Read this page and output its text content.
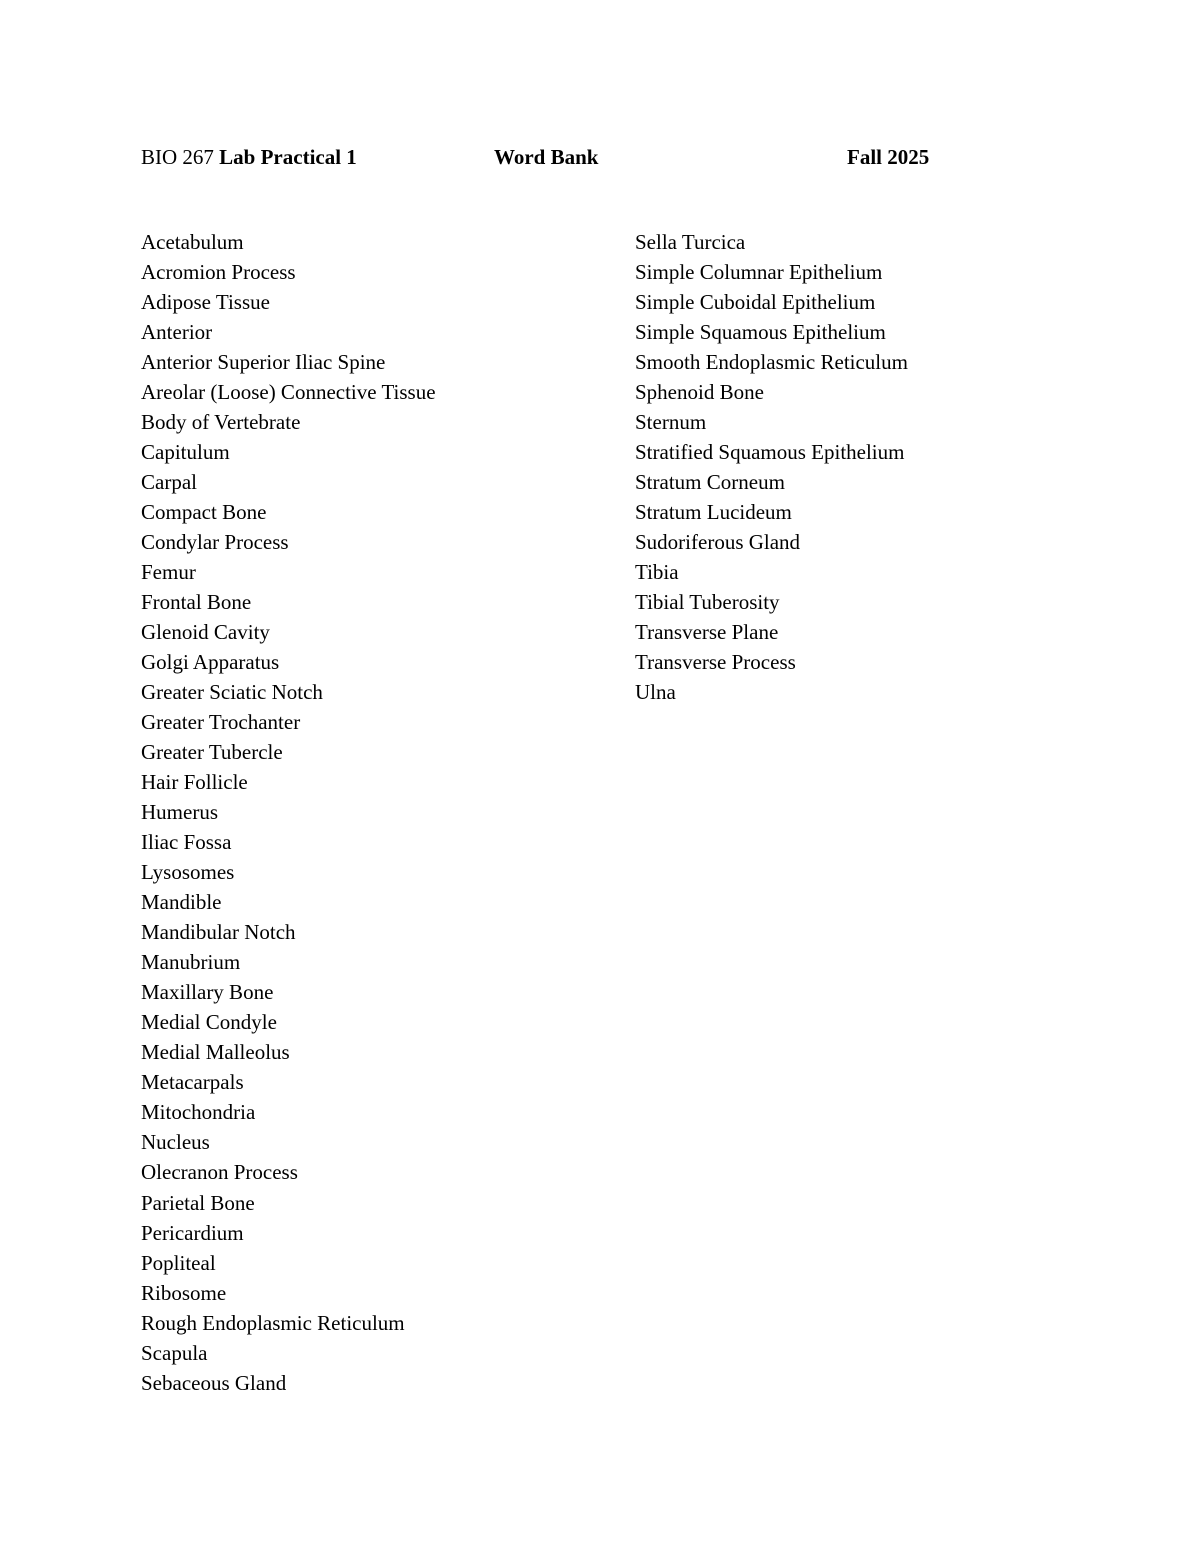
BIO 267 Lab Practical 1	Word Bank	Fall 2025
Acetabulum
Acromion Process
Adipose Tissue
Anterior
Anterior Superior Iliac Spine
Areolar (Loose) Connective Tissue
Body of Vertebrate
Capitulum
Carpal
Compact Bone
Condylar Process
Femur
Frontal Bone
Glenoid Cavity
Golgi Apparatus
Greater Sciatic Notch
Greater Trochanter
Greater Tubercle
Hair Follicle
Humerus
Iliac Fossa
Lysosomes
Mandible
Mandibular Notch
Manubrium
Maxillary Bone
Medial Condyle
Medial Malleolus
Metacarpals
Mitochondria
Nucleus
Olecranon Process
Parietal Bone
Pericardium
Popliteal
Ribosome
Rough Endoplasmic Reticulum
Scapula
Sebaceous Gland
Sella Turcica
Simple Columnar Epithelium
Simple Cuboidal Epithelium
Simple Squamous Epithelium
Smooth Endoplasmic Reticulum
Sphenoid Bone
Sternum
Stratified Squamous Epithelium
Stratum Corneum
Stratum Lucideum
Sudoriferous Gland
Tibia
Tibial Tuberosity
Transverse Plane
Transverse Process
Ulna
